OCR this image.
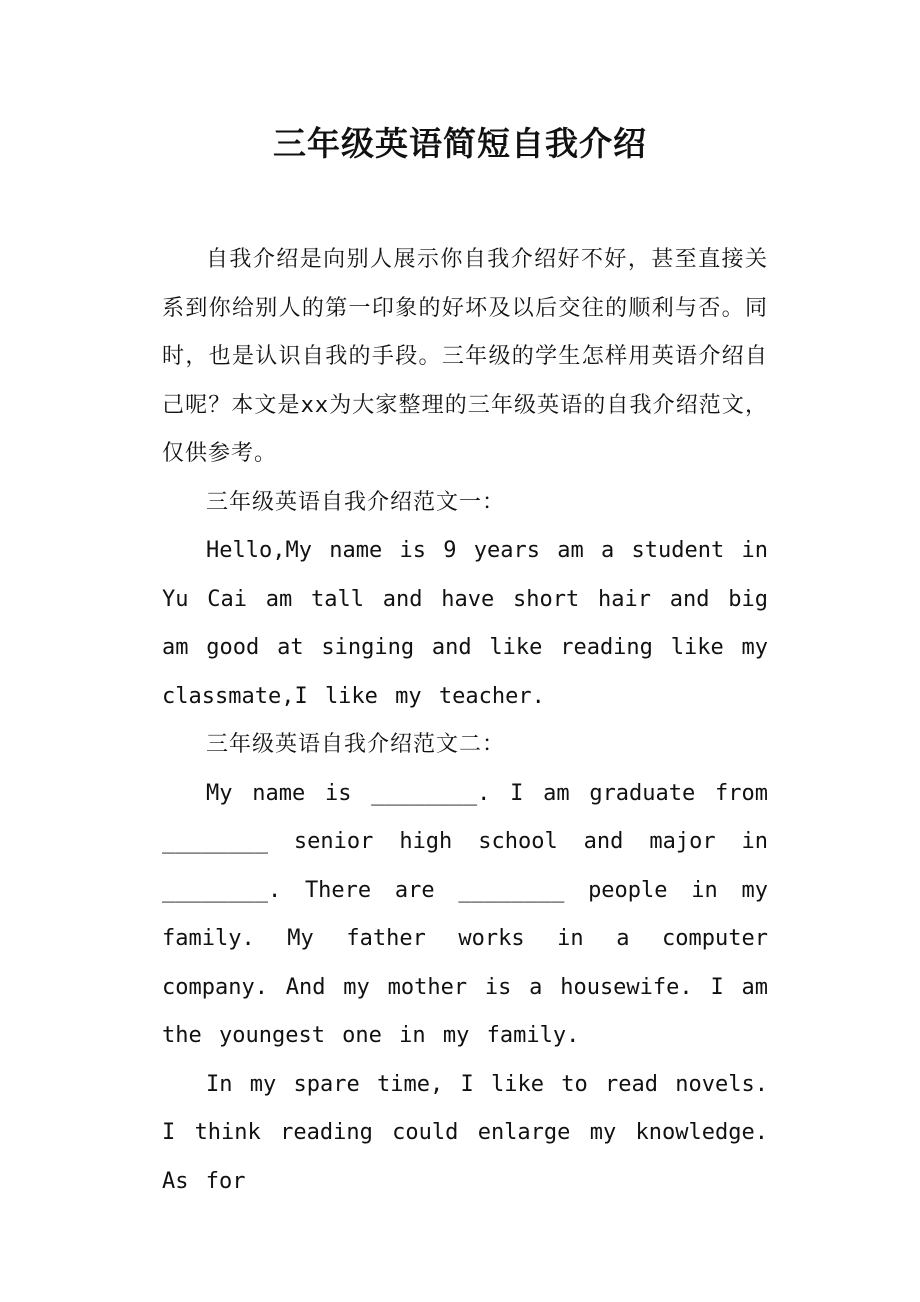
三年级英语简短自我介绍

自我介绍是向别人展示你自我介绍好不好，甚至直接关系到你给别人的第一印象的好坏及以后交往的顺利与否。同时，也是认识自我的手段。三年级的学生怎样用英语介绍自己呢？本文是xx为大家整理的三年级英语的自我介绍范文，仅供参考。

三年级英语自我介绍范文一：

Hello,My name is 9 years am a student in Yu Cai am tall and have short hair and big am good at singing and like reading like my classmate,I like my teacher.

三年级英语自我介绍范文二：

My name is ________. I am graduate from ________ senior high school and major in ________. There are ________ people in my family. My father works in a computer company. And my mother is a housewife. I am the youngest one in my family.

In my spare time, I like to read novels. I think reading could enlarge my knowledge. As for
